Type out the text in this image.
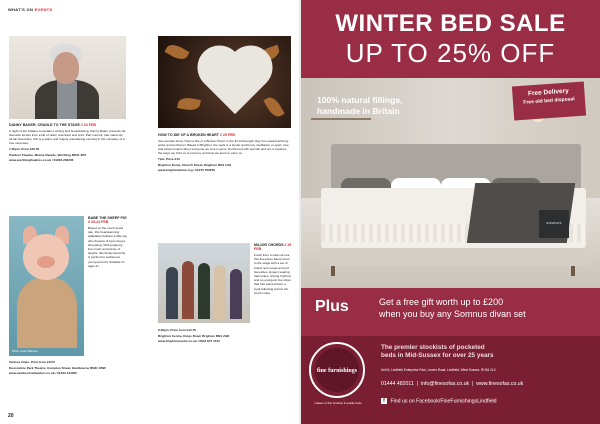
WHAT'S ON EVENTS

DANNY BAKER: CRADLE TO THE STAGE // 23 FEB

A night of the brilliant comedian's writing and broadcasting. Danny Baker presents his favourite stories from a life of radio, television and print. Part memoir, part stand-up, all fan favourites, this is a warm and hugely entertaining evening in the company of a true raconteur.

7.30pm. Price £26.50

Pavilion Theatre, Marine Parade, Worthing BN11 3PX

www.worthingtheatres.co.uk / 01903 206206

HOW TO DIE OF A BROKEN HEART // 25 FEB

One-woman show, How to Die of a Broken Heart, is the first full-length play from award-winning writer and performer. Based in Brighton, the work is a tender and funny meditation on grief, love and what remains when someone we love is gone. Performed with warmth and wit, it explores the ways we hold on to memory and how we learn to carry on.

7pm. Price £10

Brighton Dome, Church Street, Brighton BN1 1UG

www.brightondome.org / 01273 709709

Photo: Lewis Wileman

BABE THE SHEEP PIG // 23-24 FEB

Based on the much-loved tale, this heartwarming adaptation follows a little pig who dreams of becoming a sheepdog. With puppetry, live music and plenty of laughs, this family favourite is perfect for audiences young and old. Suitable for ages 4+.

Various times. Price from £9.50

Devonshire Park Theatre, Compton Street, Eastbourne BN21 4BW

www.eastbournetheatres.co.uk / 01323 412000

MAJOR CHORDS // 26 FEB

Fresh from a sold-out tour, this five-piece band return to the stage with a set of brand new songs and old favourites. Expect soaring harmonies, driving rhythms and an energetic live show that has earned them a loyal following across the south coast.

8.30pm. Price from £12.75

Brighton Centre, Kings Road, Brighton BN1 2GR

www.brightoncentre.co.uk / 0844 847 1515

20
WINTER BED SALE
UP TO 25% OFF
100% natural fillings,
handmade in Britain
Free Delivery
Free old bed disposal
SOMNUS
Plus	Get a free gift worth up to £200
when you buy any Somnus divan set
fine furnishings
makers of fine furniture & quality beds
The premier stockists of pocketed
beds in Mid-Sussex for over 25 years
Unit 5, Lindfield Enterprise Park, Lewes Road, Lindfield, West Sussex, RH16 2LX
01444 482011  |  info@finesofas.co.uk  |  www.finesofas.co.uk
f Find us on Facebook/FineFurnishingsLindfield
